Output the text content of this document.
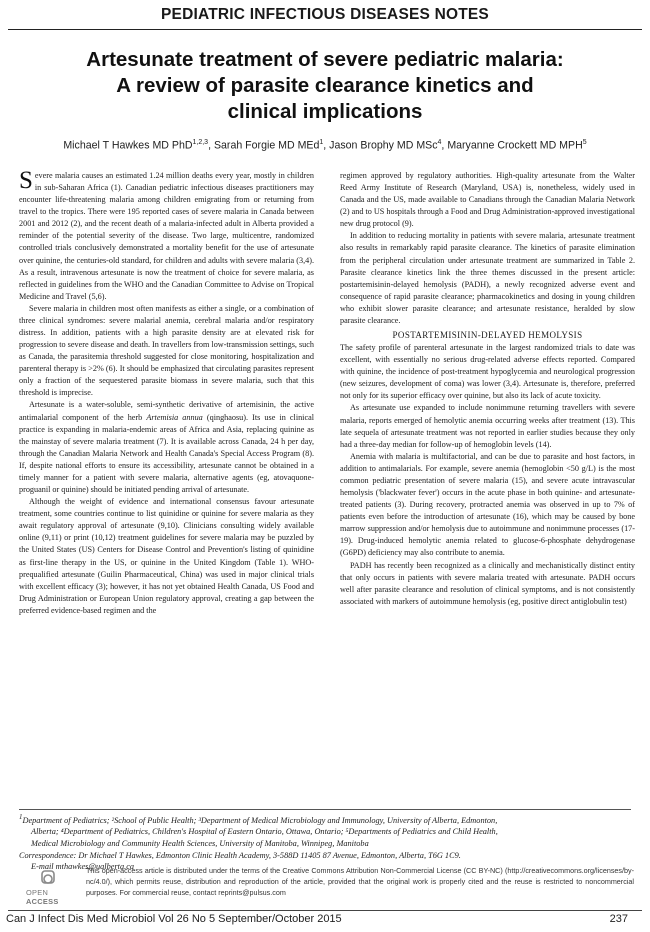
PEDIATRIC INFECTIOUS DISEASES NOTES
Artesunate treatment of severe pediatric malaria:
A review of parasite clearance kinetics and
clinical implications
Michael T Hawkes MD PhD$^{1,2,3}$, Sarah Forgie MD MEd$^1$, Jason Brophy MD MSc$^4$, Maryanne Crockett MD MPH$^5$

Severe malaria causes an estimated 1.24 million deaths every year, mostly in children in sub-Saharan Africa (1). Canadian pediatric infectious diseases practitioners may encounter life-threatening malaria among children emigrating from or returning from travel to the tropics. There were 195 reported cases of severe malaria in Canada between 2001 and 2012 (2), and the recent death of a malaria-infected adult in Alberta provided a reminder of the potential severity of the disease. Two large, multicentre, randomized controlled trials conclusively demonstrated a mortality benefit for the use of artesunate over quinine, the centuries-old standard, for children and adults with severe malaria (3,4). As a result, intravenous artesunate is now the treatment of choice for severe malaria, as reflected in guidelines from the WHO and the Canadian Committee to Advise on Tropical Medicine and Travel (5,6).

Severe malaria in children most often manifests as either a single, or a combination of three clinical syndromes: severe malarial anemia, cerebral malaria and/or respiratory distress. In addition, patients with a high parasite density are at elevated risk for progression to severe disease and death. In travellers from low-transmission settings, such as Canada, the parasitemia threshold suggested for close monitoring, hospitalization and parenteral therapy is >2% (6). It should be emphasized that circulating parasites represent only a fraction of the sequestered parasite biomass in severe malaria, such that this threshold is imprecise.

Artesunate is a water-soluble, semi-synthetic derivative of artemisinin, the active antimalarial component of the herb Artemisia annua (qinghaosu). Its use in clinical practice is expanding in malaria-endemic areas of Africa and Asia, replacing quinine as the mainstay of severe malaria treatment (7). It is available across Canada, 24 h per day, through the Canadian Malaria Network and Health Canada's Special Access Program (8). If, despite national efforts to ensure its accessibility, artesunate cannot be obtained in a timely manner for a patient with severe malaria, alternative agents (eg, atovaquone-proguanil or quinine) should be initiated pending arrival of artesunate.

Although the weight of evidence and international consensus favour artesunate treatment, some countries continue to list quinidine or quinine for severe malaria as they await regulatory approval of artesunate (9,10). Clinicians consulting widely available online (9,11) or print (10,12) treatment guidelines for severe malaria may be puzzled by the United States (US) Centers for Disease Control and Prevention's listing of quinidine as first-line therapy in the US, or quinine in the United Kingdom (Table 1). WHO-prequalified artesunate (Guilin Pharmaceutical, China) was used in major clinical trials with excellent efficacy (3); however, it has not yet obtained Health Canada, US Food and Drug Administration or European Union regulatory approval, creating a gap between the preferred evidence-based regimen and the

regimen approved by regulatory authorities. High-quality artesunate from the Walter Reed Army Institute of Research (Maryland, USA) is, nonetheless, widely used in Canada and the US, made available to Canadians through the Canadian Malaria Network (2) and to US hospitals through a Food and Drug Administration-approved investigational new drug protocol (9).

In addition to reducing mortality in patients with severe malaria, artesunate treatment also results in remarkably rapid parasite clearance. The kinetics of parasite elimination from the peripheral circulation under artesunate treatment are summarized in Table 2. Parasite clearance kinetics link the three themes discussed in the present article: postartemisinin-delayed hemolysis (PADH), a newly recognized adverse event and consequence of rapid parasite clearance; pharmacokinetics and dosing in young children who exhibit slower parasite clearance; and artesunate resistance, heralded by slow parasite clearance.

POSTARTEMISININ-DELAYED HEMOLYSIS

The safety profile of parenteral artesunate in the largest randomized trials to date was excellent, with essentially no serious drug-related adverse effects reported. Compared with quinine, the incidence of post-treatment hypoglycemia and neurological progression (new seizures, development of coma) was lower (3,4). Artesunate is, therefore, preferred not only for its superior efficacy over quinine, but also its lack of acute toxicity.

As artesunate use expanded to include nonimmune returning travellers with severe malaria, reports emerged of hemolytic anemia occurring weeks after treatment (13). This late sequela of artesunate treatment was not reported in earlier studies because they only had a three-day median for follow-up of hemoglobin levels (14).

Anemia with malaria is multifactorial, and can be due to parasite and host factors, in addition to antimalarials. For example, severe anemia (hemoglobin <50 g/L) is the most common pediatric presentation of severe malaria (15), and severe acute intravascular hemolysis ('blackwater fever') occurs in the acute phase in both quinine- and artesunate-treated patients (3). During recovery, protracted anemia was observed in up to 7% of patients even before the introduction of artesunate (16), which may be caused by bone marrow suppression and/or hemolysis due to autoimmune and nonimmune processes (17-19). Drug-induced hemolytic anemia related to glucose-6-phosphate dehydrogenase (G6PD) deficiency may also contribute to anemia.

PADH has recently been recognized as a clinically and mechanistically distinct entity that only occurs in patients with severe malaria treated with artesunate. PADH occurs well after parasite clearance and resolution of clinical symptoms, and is not consistently associated with markers of autoimmune hemolysis (eg, positive direct antiglobulin test)

$^1$Department of Pediatrics; ²School of Public Health; ³Department of Medical Microbiology and Immunology, University of Alberta, Edmonton,

Alberta; ⁴Department of Pediatrics, Children's Hospital of Eastern Ontario, Ottawa, Ontario; ⁵Departments of Pediatrics and Child Health,

Medical Microbiology and Community Health Sciences, University of Manitoba, Winnipeg, Manitoba

Correspondence: Dr Michael T Hawkes, Edmonton Clinic Health Academy, 3-588D 11405 87 Avenue, Edmonton, Alberta, T6G 1C9.

E-mail mthawkes@ualberta.ca

OPEN ACCESS
This open-access article is distributed under the terms of the Creative Commons Attribution Non-Commercial License (CC BY-NC) (http://creativecommons.org/licenses/by-nc/4.0/), which permits reuse, distribution and reproduction of the article, provided that the original work is properly cited and the reuse is restricted to noncommercial purposes. For commercial reuse, contact reprints@pulsus.com
Can J Infect Dis Med Microbiol Vol 26 No 5 September/October 2015	237
